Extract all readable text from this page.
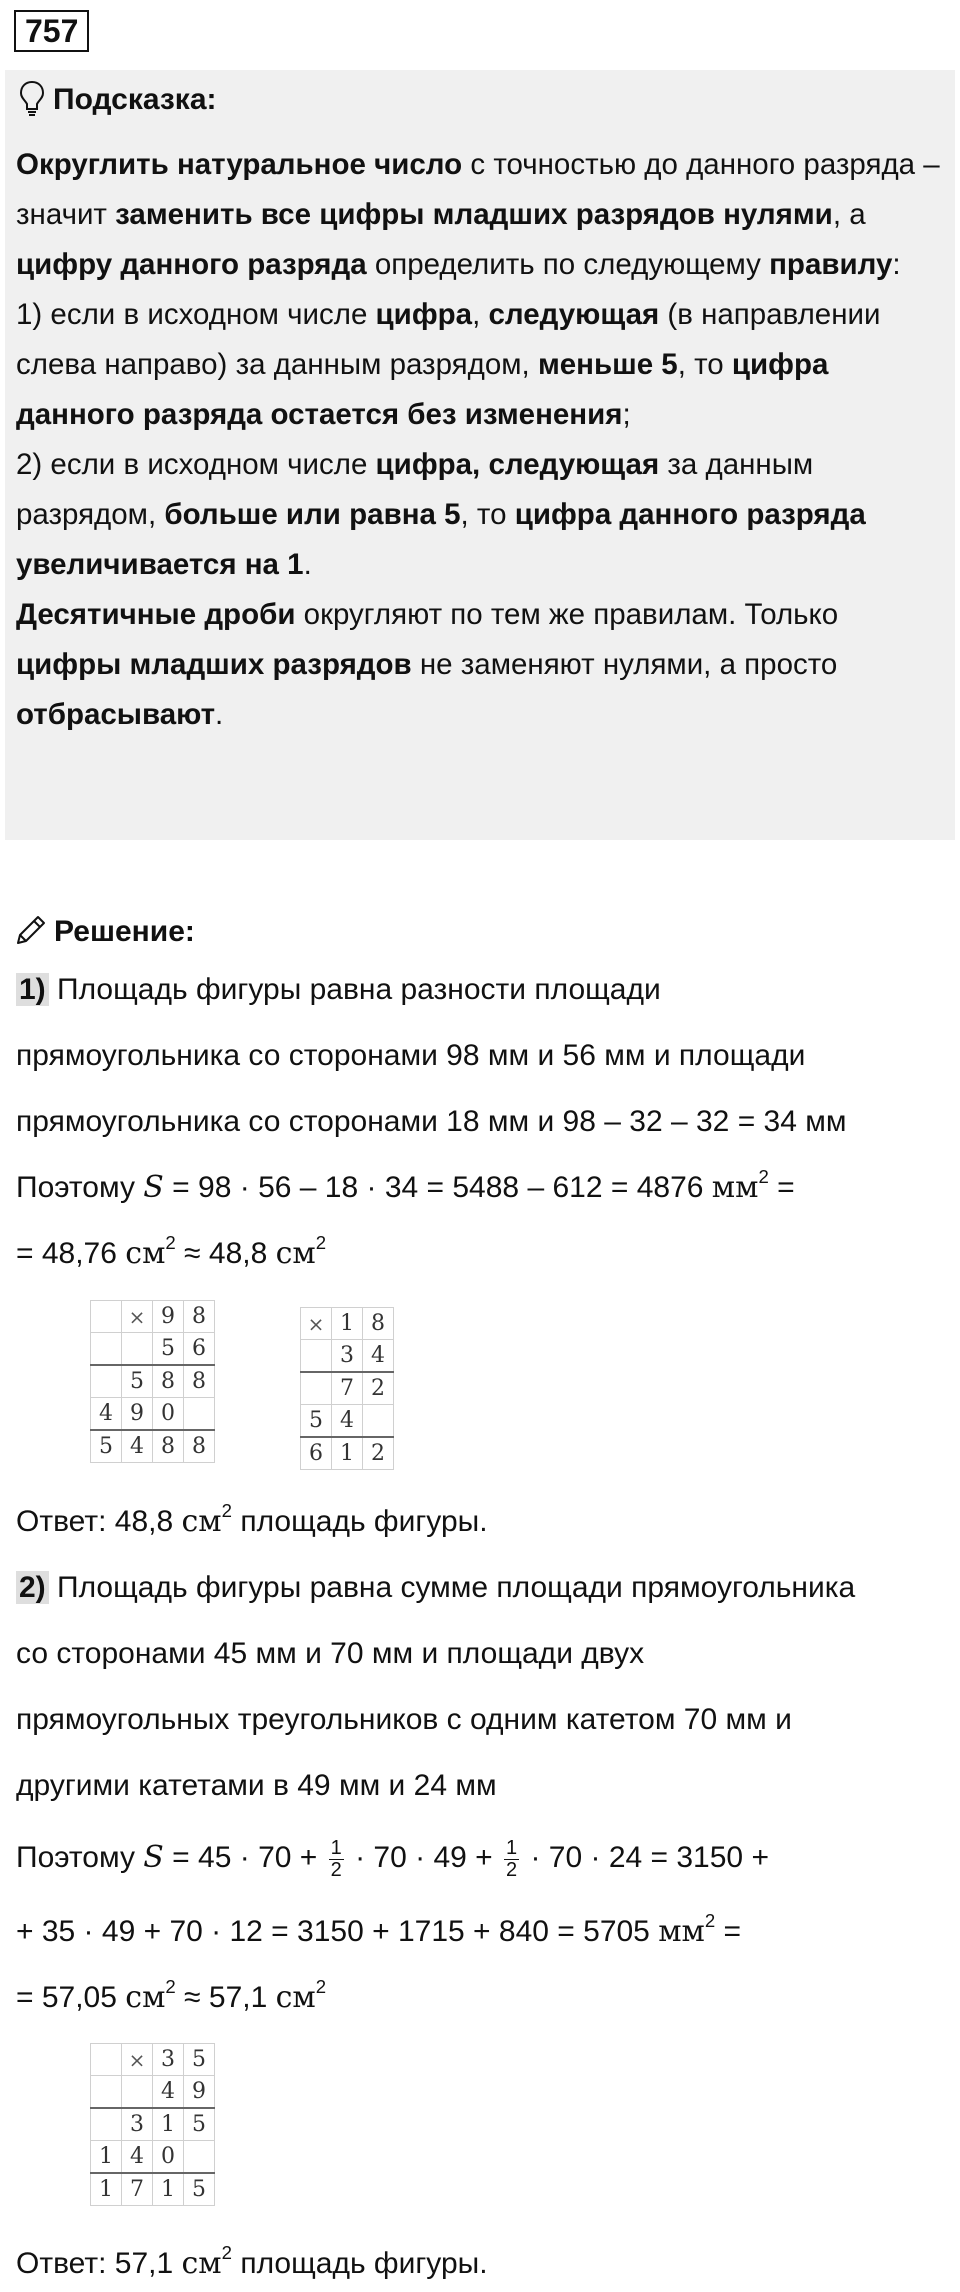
757
Подсказка:

Округлить натуральное число с точностью до данного разряда – значит заменить все цифры младших разрядов нулями, а цифру данного разряда определить по следующему правилу:

1) если в исходном числе цифра, следующая (в направлении слева направо) за данным разрядом, меньше 5, то цифра данного разряда остается без изменения;

2) если в исходном числе цифра, следующая за данным разрядом, больше или равна 5, то цифра данного разряда увеличивается на 1.

Десятичные дроби округляют по тем же правилам. Только цифры младших разрядов не заменяют нулями, а просто отбрасывают.

Решение:
1) Площадь фигуры равна разности площади
прямоугольника со сторонами 98 мм и 56 мм и площади
прямоугольника со сторонами 18 мм и 98 – 32 – 32 = 34 мм
Поэтому S = 98 · 56 – 18 · 34 = 5488 – 612 = 4876 $мм^2$ =
= 48,76 $см^2 \approx 48,8$ $см^2$
	×	9	8
		5	6
	5	8	8
4	9	0	
5	4	8	8
×	1	8
	3	4
	7	2
5	4	
6	1	2
Ответ: 48,8 $см^2$ площадь фигуры.
2) Площадь фигуры равна сумме площади прямоугольника
со сторонами 45 мм и 70 мм и площади двух
прямоугольных треугольников с одним катетом 70 мм и
другими катетами в 49 мм и 24 мм
Поэтому $S = 45 \cdot 70 + \frac{1}{2} \cdot 70 \cdot 49 + \frac{1}{2} \cdot 70 \cdot 24 = 3150$ +
+ 35 · 49 + 70 · 12 = 3150 + 1715 + 840 = 5705 $мм^2$ =
= 57,05 $см^2 \approx 57,1$ $см^2$
	×	3	5
		4	9
	3	1	5
1	4	0	
1	7	1	5
Ответ: 57,1 $см^2$ площадь фигуры.
